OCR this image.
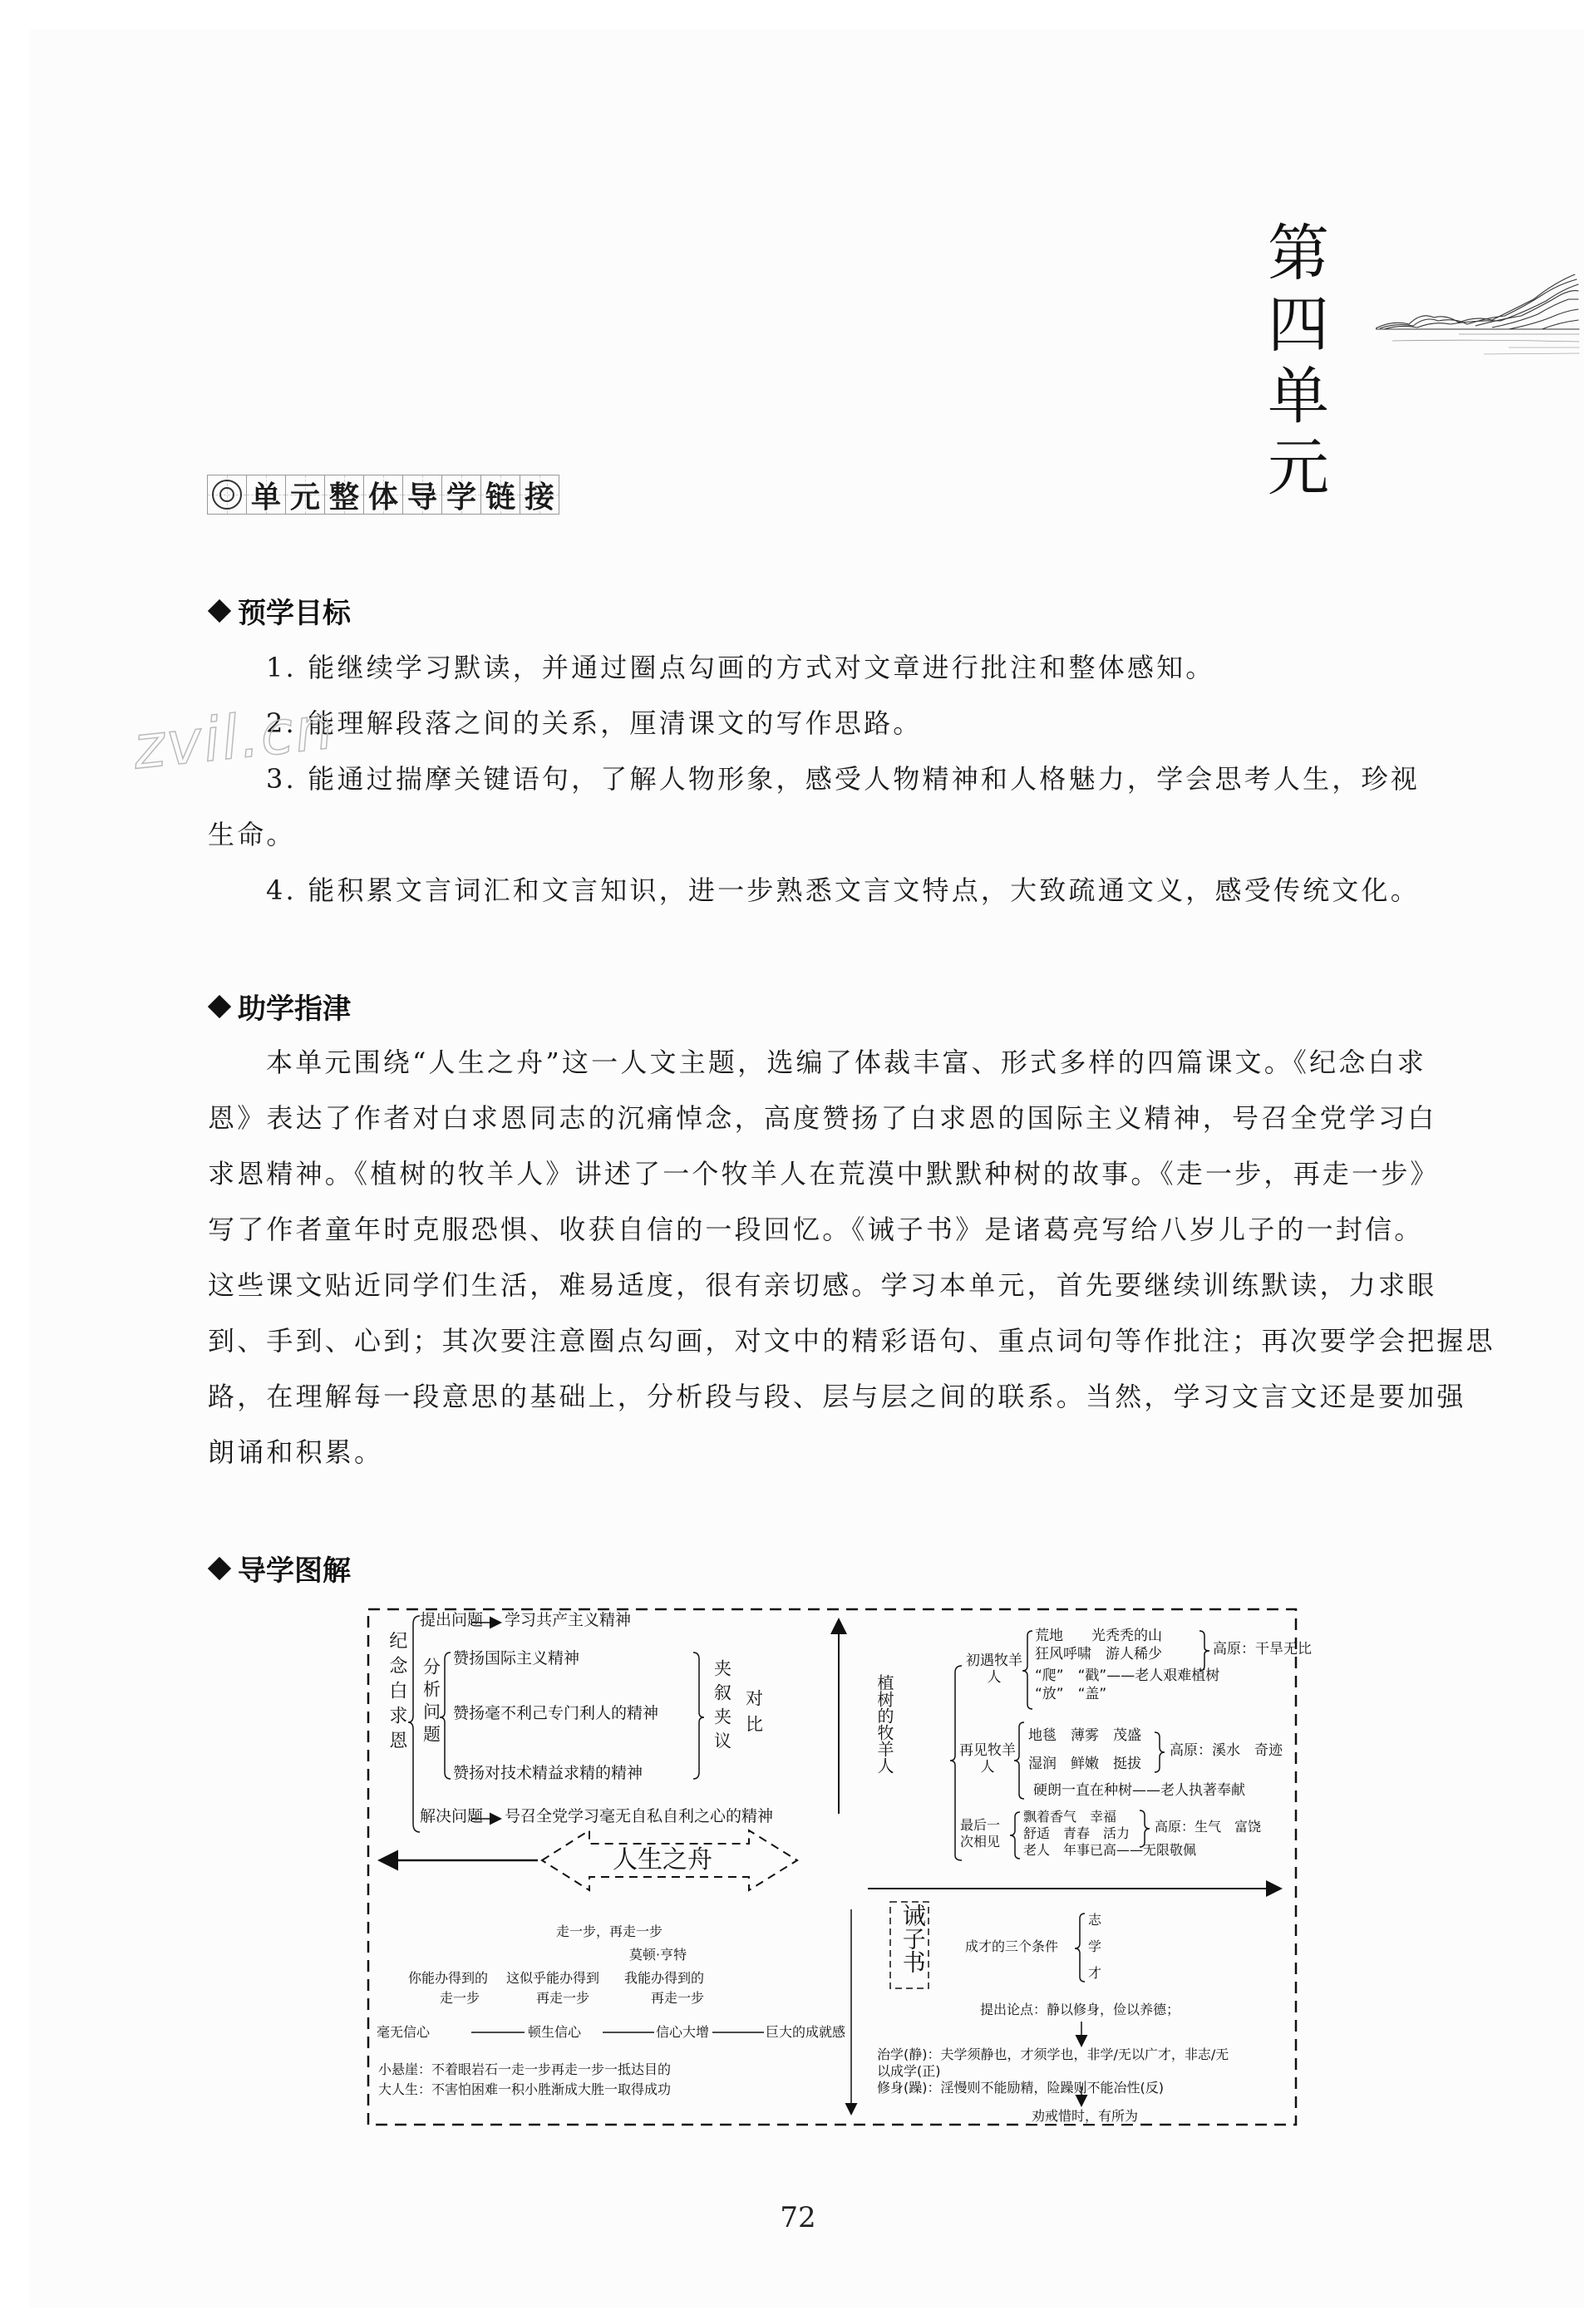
第
四
单
元
单 元 整 体 导 学 链 接
预学目标
1. 能继续学习默读，并通过圈点勾画的方式对文章进行批注和整体感知。
2. 能理解段落之间的关系，厘清课文的写作思路。
3. 能通过揣摩关键语句，了解人物形象，感受人物精神和人格魅力，学会思考人生，珍视
生命。
4. 能积累文言词汇和文言知识，进一步熟悉文言文特点，大致疏通文义，感受传统文化。
zvil.cn
助学指津
本单元围绕“人生之舟”这一人文主题，选编了体裁丰富、形式多样的四篇课文。《纪念白求
恩》表达了作者对白求恩同志的沉痛悼念，高度赞扬了白求恩的国际主义精神，号召全党学习白
求恩精神。《植树的牧羊人》讲述了一个牧羊人在荒漠中默默种树的故事。《走一步，再走一步》
写了作者童年时克服恐惧、收获自信的一段回忆。《诫子书》是诸葛亮写给八岁儿子的一封信。
这些课文贴近同学们生活，难易适度，很有亲切感。学习本单元，首先要继续训练默读，力求眼
到、手到、心到；其次要注意圈点勾画，对文中的精彩语句、重点词句等作批注；再次要学会把握思
路，在理解每一段意思的基础上，分析段与段、层与层之间的联系。当然，学习文言文还是要加强
朗诵和积累。
导学图解
人生之舟
纪念白求恩
提出问题 学习共产主义精神
分析问题 赞扬国际主义精神
赞扬毫不利己专门利人的精神
赞扬对技术精益求精的精神
夹叙夹议 对比
解决问题 号召全党学习毫无自私自利之心的精神
植树的牧羊人
初遇牧羊人
荒地　　光秃秃的山
狂风呼啸　游人稀少	高原：干旱无比
“爬”　“戳”——老人艰难植树
“放”　“盖”
再见牧羊人
地毯　薄雾　茂盛
湿润　鲜嫩　挺拔
高原：溪水　奇迹
硬朗一直在种树——老人执著奉献
最后一
次相见
飘着香气　幸福
舒适　青春　活力 高原：生气　富饶
老人　年事已高——无限敬佩
走一步，再走一步
莫顿·亨特
你能办得到的
走一步
这似乎能办得到
再走一步
我能办得到的
再走一步
毫无信心	顿生信心	信心大增	巨大的成就感
小悬崖：不着眼岩石一走一步再走一步一抵达目的
大人生：不害怕困难一积小胜渐成大胜一取得成功
诫子书	成才的三个条件
志
学
才
提出论点：静以修身，俭以养德；
治学(静)：夫学须静也，才须学也，非学/无以广才，非志/无
以成学(正)
修身(躁)：淫慢则不能励精，险躁则不能冶性(反)
劝戒惜时，有所为
72
